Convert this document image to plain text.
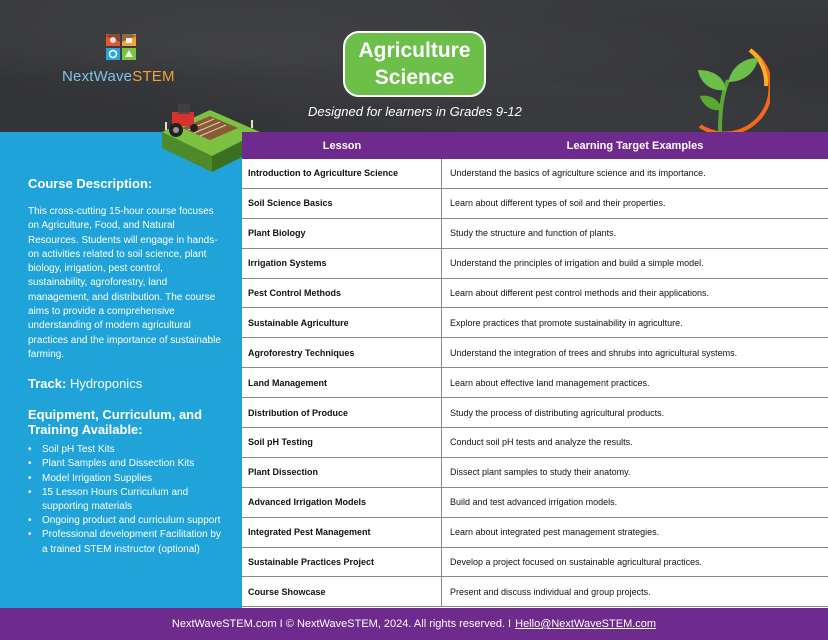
NextWaveSTEM
Agriculture
Science
Designed for learners in Grades 9-12
Course Description:
This cross-cutting 15-hour course focuses on Agriculture, Food, and Natural Resources. Students will engage in hands-on activities related to soil science, plant biology, irrigation, pest control, sustainability, agroforestry, land management, and distribution. The course aims to provide a comprehensive understanding of modern agricultural practices and the importance of sustainable farming.
Track: Hydroponics
Equipment, Curriculum, and Training Available:
• Soil pH Test Kits
• Plant Samples and Dissection Kits
• Model Irrigation Supplies
• 15 Lesson Hours Curriculum and supporting materials
• Ongoing product and curriculum support
• Professional development Facilitation by a trained STEM instructor (optional)
Lesson	Learning Target Examples
Introduction to Agriculture Science	Understand the basics of agriculture science and its importance.
Soil Science Basics	Learn about different types of soil and their properties.
Plant Biology	Study the structure and function of plants.
Irrigation Systems	Understand the principles of irrigation and build a simple model.
Pest Control Methods	Learn about different pest control methods and their applications.
Sustainable Agriculture	Explore practices that promote sustainability in agriculture.
Agroforestry Techniques	Understand the integration of trees and shrubs into agricultural systems.
Land Management	Learn about effective land management practices.
Distribution of Produce	Study the process of distributing agricultural products.
Soil pH Testing	Conduct soil pH tests and analyze the results.
Plant Dissection	Dissect plant samples to study their anatomy.
Advanced Irrigation Models	Build and test advanced irrigation models.
Integrated Pest Management	Learn about integrated pest management strategies.
Sustainable Practices Project	Develop a project focused on sustainable agricultural practices.
Course Showcase	Present and discuss individual and group projects.
NextWaveSTEM.com I © NextWaveSTEM, 2024. All rights reserved. I Hello@NextWaveSTEM.com
